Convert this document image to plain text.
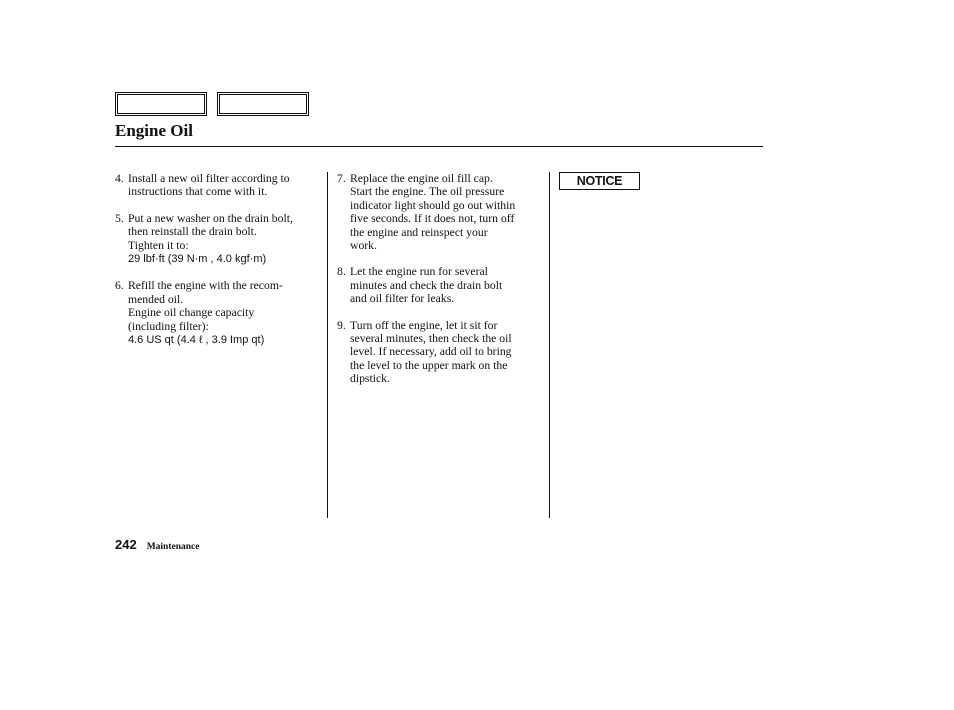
Engine Oil
4. Install a new oil filter according to
instructions that come with it.
5. Put a new washer on the drain bolt,
then reinstall the drain bolt.
Tighten it to:
29 lbf·ft (39 N·m , 4.0 kgf·m)
6. Refill the engine with the recom-
mended oil.
Engine oil change capacity
(including filter):
4.6 US qt (4.4 ℓ , 3.9 Imp qt)
7. Replace the engine oil fill cap.
Start the engine. The oil pressure
indicator light should go out within
five seconds. If it does not, turn off
the engine and reinspect your
work.
8. Let the engine run for several
minutes and check the drain bolt
and oil filter for leaks.
9. Turn off the engine, let it sit for
several minutes, then check the oil
level. If necessary, add oil to bring
the level to the upper mark on the
dipstick.
NOTICE
242 Maintenance
